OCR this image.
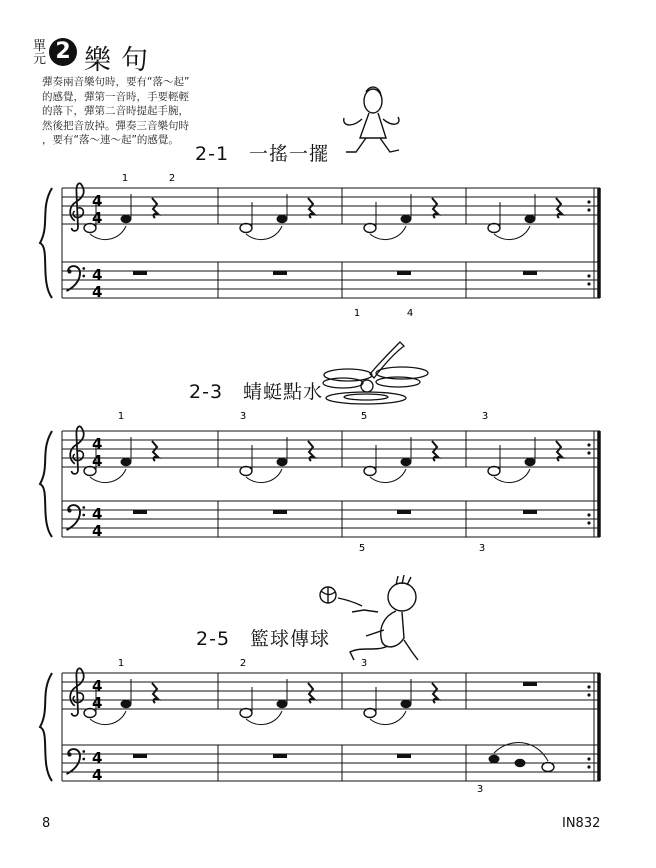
單
元 2 樂句
彈奏兩音樂句時，要有“落～起”
的感覺，彈第一音時，手要輕輕
的落下，彈第二音時提起手腕，
然後把音放掉。彈奏三音樂句時
，要有“落～連～起”的感覺。
2-1　一搖一擺
2-3　蜻蜓點水
2-5　籃球傳球
8	IN832
4
4
4
4
1	2
1	4
4
4
4
4
1	3	5	3
5	3
4
4
4
4
1	2	3
3
